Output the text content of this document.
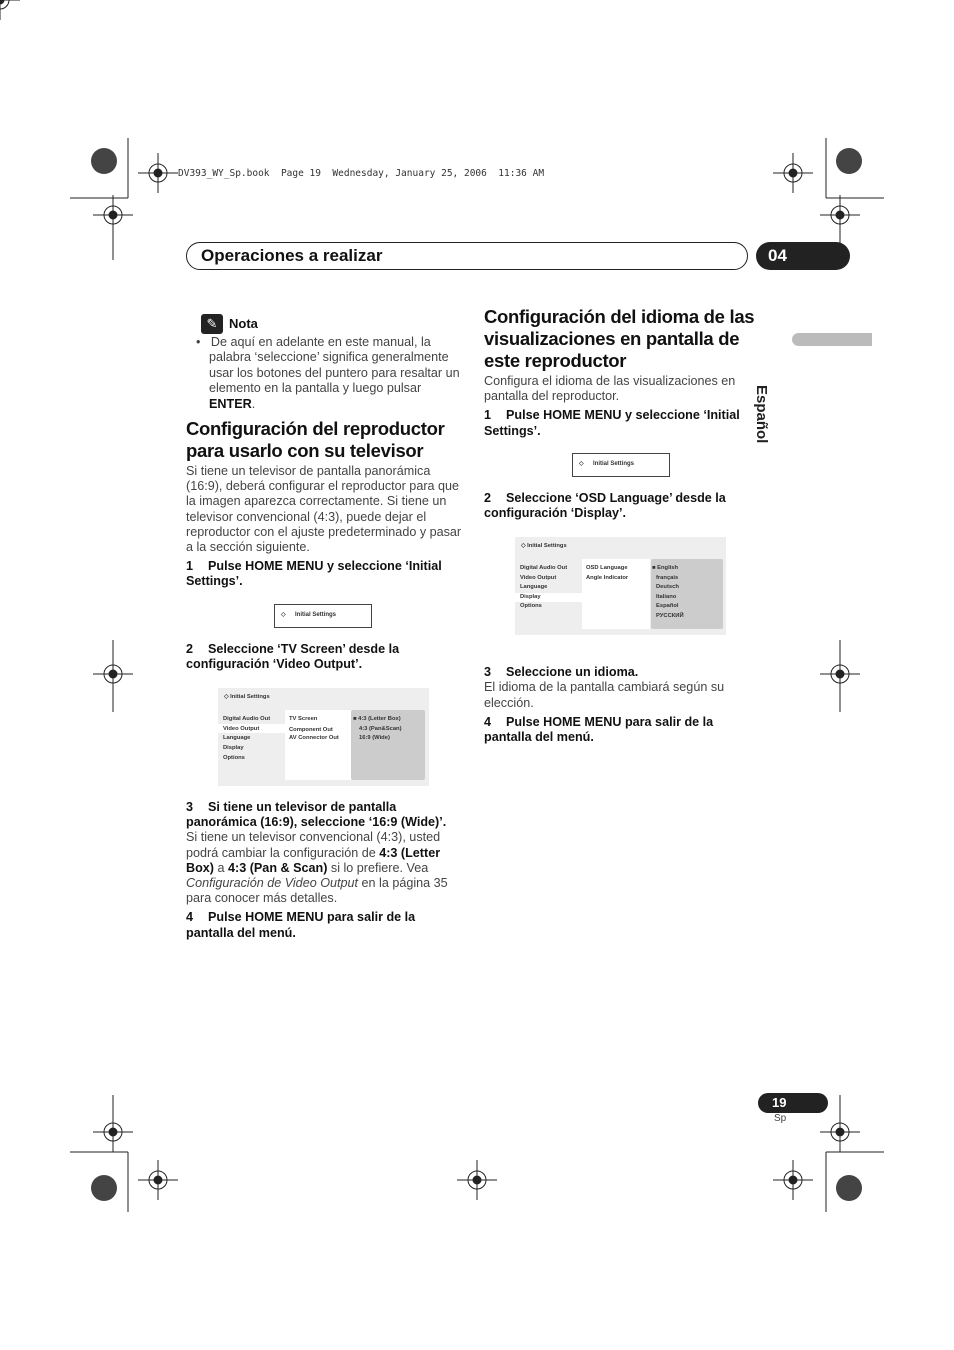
DV393_WY_Sp.book  Page 19  Wednesday, January 25, 2006  11:36 AM
Operaciones a realizar	04
Español
✎ Nota

•   De aquí en adelante en este manual, la palabra ‘seleccione’ significa generalmente usar los botones del puntero para resaltar un elemento en la pantalla y luego pulsar ENTER.

Configuración del reproductor para usarlo con su televisor

Si tiene un televisor de pantalla panorámica (16:9), deberá configurar el reproductor para que la imagen aparezca correctamente. Si tiene un televisor convencional (4:3), puede dejar el reproductor con el ajuste predeterminado y pasar a la sección siguiente.

1 Pulse HOME MENU y seleccione ‘Initial Settings’.

◇ Initial Settings

2 Seleccione ‘TV Screen’ desde la configuración ‘Video Output’.

◇ Initial Settings
Digital Audio Out
Video Output
Language
Display
Options
TV Screen
Component Out
AV Connector Out
■ 4:3 (Letter Box)
4:3 (Pan&Scan)
16:9 (Wide)

3 Si tiene un televisor de pantalla panorámica (16:9), seleccione ‘16:9 (Wide)’.

Si tiene un televisor convencional (4:3), usted podrá cambiar la configuración de 4:3 (Letter Box) a 4:3 (Pan & Scan) si lo prefiere. Vea Configuración de Video Output en la página 35 para conocer más detalles.

4 Pulse HOME MENU para salir de la pantalla del menú.

Configuración del idioma de las visualizaciones en pantalla de este reproductor

Configura el idioma de las visualizaciones en pantalla del reproductor.

1 Pulse HOME MENU y seleccione ‘Initial Settings’.

◇ Initial Settings

2 Seleccione ‘OSD Language’ desde la configuración ‘Display’.

◇ Initial Settings
Digital Audio Out
Video Output
Language
Display
Options
OSD Language
Angle Indicator
■ English
français
Deutsch
Italiano
Español
РУССКИЙ

3 Seleccione un idioma.

El idioma de la pantalla cambiará según su elección.

4 Pulse HOME MENU para salir de la pantalla del menú.

19
Sp
